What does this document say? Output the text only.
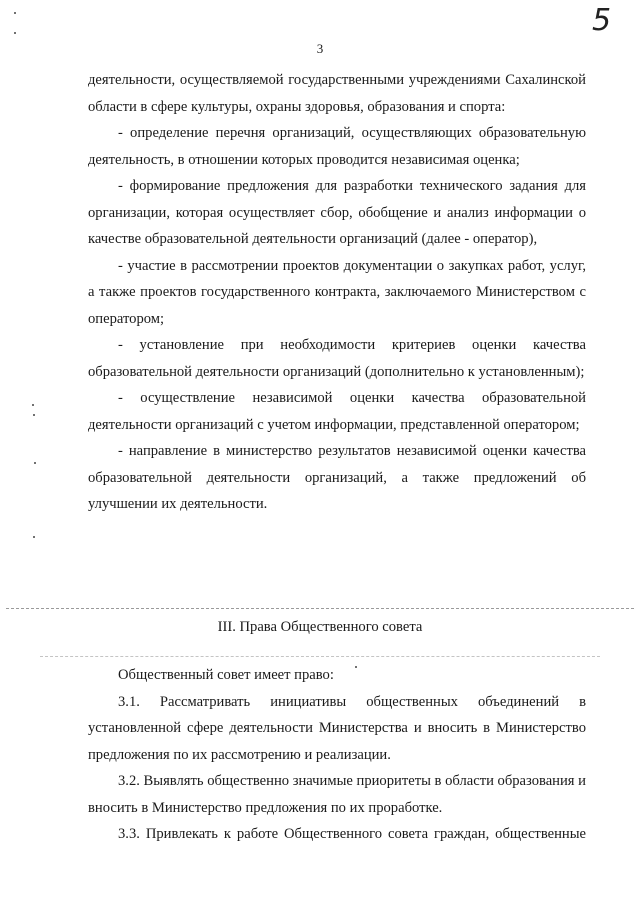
5
3

деятельности, осуществляемой государственными учреждениями Сахалинской области в сфере культуры, охраны здоровья, образования и спорта:

- определение перечня организаций, осуществляющих образовательную деятельность, в отношении которых проводится независимая оценка;

- формирование предложения для разработки технического задания для организации, которая осуществляет сбор, обобщение и анализ информации о качестве образовательной деятельности организаций (далее - оператор),

- участие в рассмотрении проектов документации о закупках работ, услуг, а также проектов государственного контракта, заключаемого Министерством с оператором;

- установление при необходимости критериев оценки качества образовательной деятельности организаций (дополнительно к установленным);

- осуществление независимой оценки качества образовательной деятельности организаций с учетом информации, представленной оператором;

- направление в министерство результатов независимой оценки качества образовательной деятельности организаций, а также предложений об улучшении их деятельности.

III. Права Общественного совета

Общественный совет имеет право:

3.1. Рассматривать инициативы общественных объединений в установленной сфере деятельности Министерства и вносить в Министерство предложения по их рассмотрению и реализации.

3.2. Выявлять общественно значимые приоритеты в области образования и вносить в Министерство предложения по их проработке.

3.3. Привлекать к работе Общественного совета граждан, общественные
